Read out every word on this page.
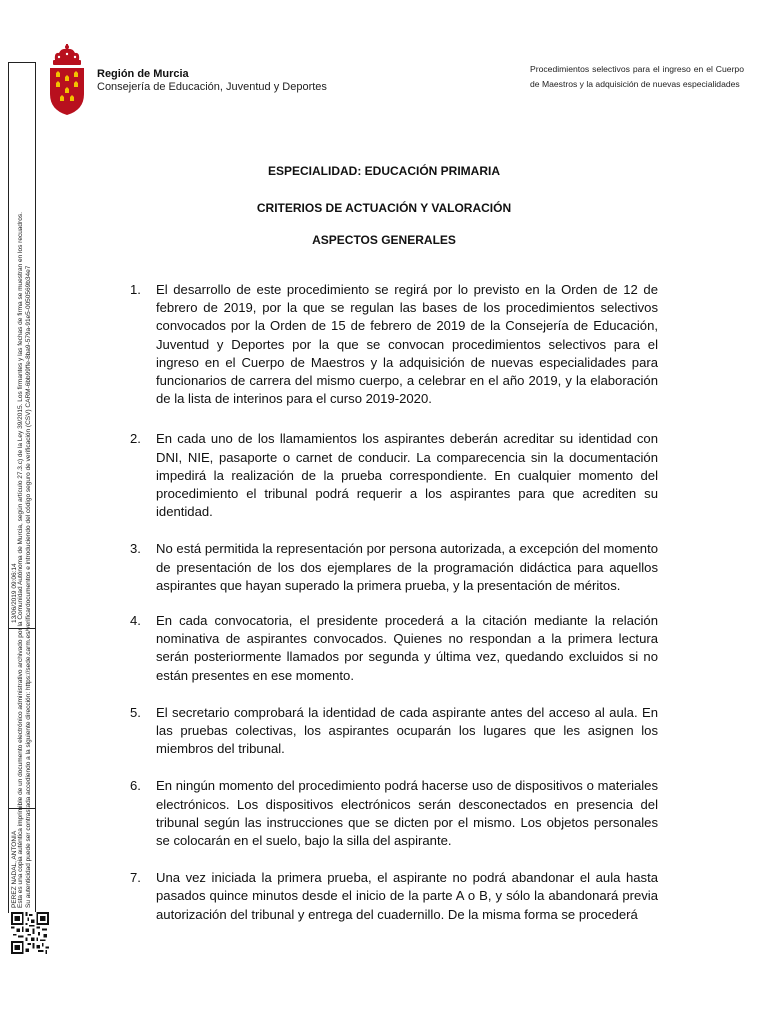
Esta es una copia auténtica imprimible de un documento electrónico administrativo archivado por la Comunidad Autónoma de Murcia, según artículo 27.3.c) de la Ley 39/2015. Los firmantes y las fechas de firma se muestran en los recuadros. Su autenticidad puede ser contrastada accediendo a la siguiente dirección: https://sede.carm.es/verificardocumentos e introduciendo del código seguro de verificación (CSV) CARM-6bb99ffe-8ba9-579a-91e5-0050569b34e7
13/06/2019 09:06:14
PEREZ NADAL, ANTONIA
Región de Murcia
Consejería de Educación, Juventud y Deportes
Procedimientos selectivos para el ingreso en el Cuerpo de Maestros y la adquisición de nuevas especialidades
ESPECIALIDAD: EDUCACIÓN PRIMARIA
CRITERIOS DE ACTUACIÓN Y VALORACIÓN
ASPECTOS GENERALES
1. El desarrollo de este procedimiento se regirá por lo previsto en la Orden de 12 de febrero de 2019, por la que se regulan las bases de los procedimientos selectivos convocados por la Orden de 15 de febrero de 2019 de la Consejería de Educación, Juventud y Deportes por la que se convocan procedimientos selectivos para el ingreso en el Cuerpo de Maestros y la adquisición de nuevas especialidades para funcionarios de carrera del mismo cuerpo, a celebrar en el año 2019, y la elaboración de la lista de interinos para el curso 2019-2020.
2. En cada uno de los llamamientos los aspirantes deberán acreditar su identidad con DNI, NIE, pasaporte o carnet de conducir. La comparecencia sin la documentación impedirá la realización de la prueba correspondiente. En cualquier momento del procedimiento el tribunal podrá requerir a los aspirantes para que acrediten su identidad.
3. No está permitida la representación por persona autorizada, a excepción del momento de presentación de los dos ejemplares de la programación didáctica para aquellos aspirantes que hayan superado la primera prueba, y la presentación de méritos.
4. En cada convocatoria, el presidente procederá a la citación mediante la relación nominativa de aspirantes convocados. Quienes no respondan a la primera lectura serán posteriormente llamados por segunda y última vez, quedando excluidos si no están presentes en ese momento.
5. El secretario comprobará la identidad de cada aspirante antes del acceso al aula. En las pruebas colectivas, los aspirantes ocuparán los lugares que les asignen los miembros del tribunal.
6. En ningún momento del procedimiento podrá hacerse uso de dispositivos o materiales electrónicos. Los dispositivos electrónicos serán desconectados en presencia del tribunal según las instrucciones que se dicten por el mismo. Los objetos personales se colocarán en el suelo, bajo la silla del aspirante.
7. Una vez iniciada la primera prueba, el aspirante no podrá abandonar el aula hasta pasados quince minutos desde el inicio de la parte A o B, y sólo la abandonará previa autorización del tribunal y entrega del cuadernillo. De la misma forma se procederá
